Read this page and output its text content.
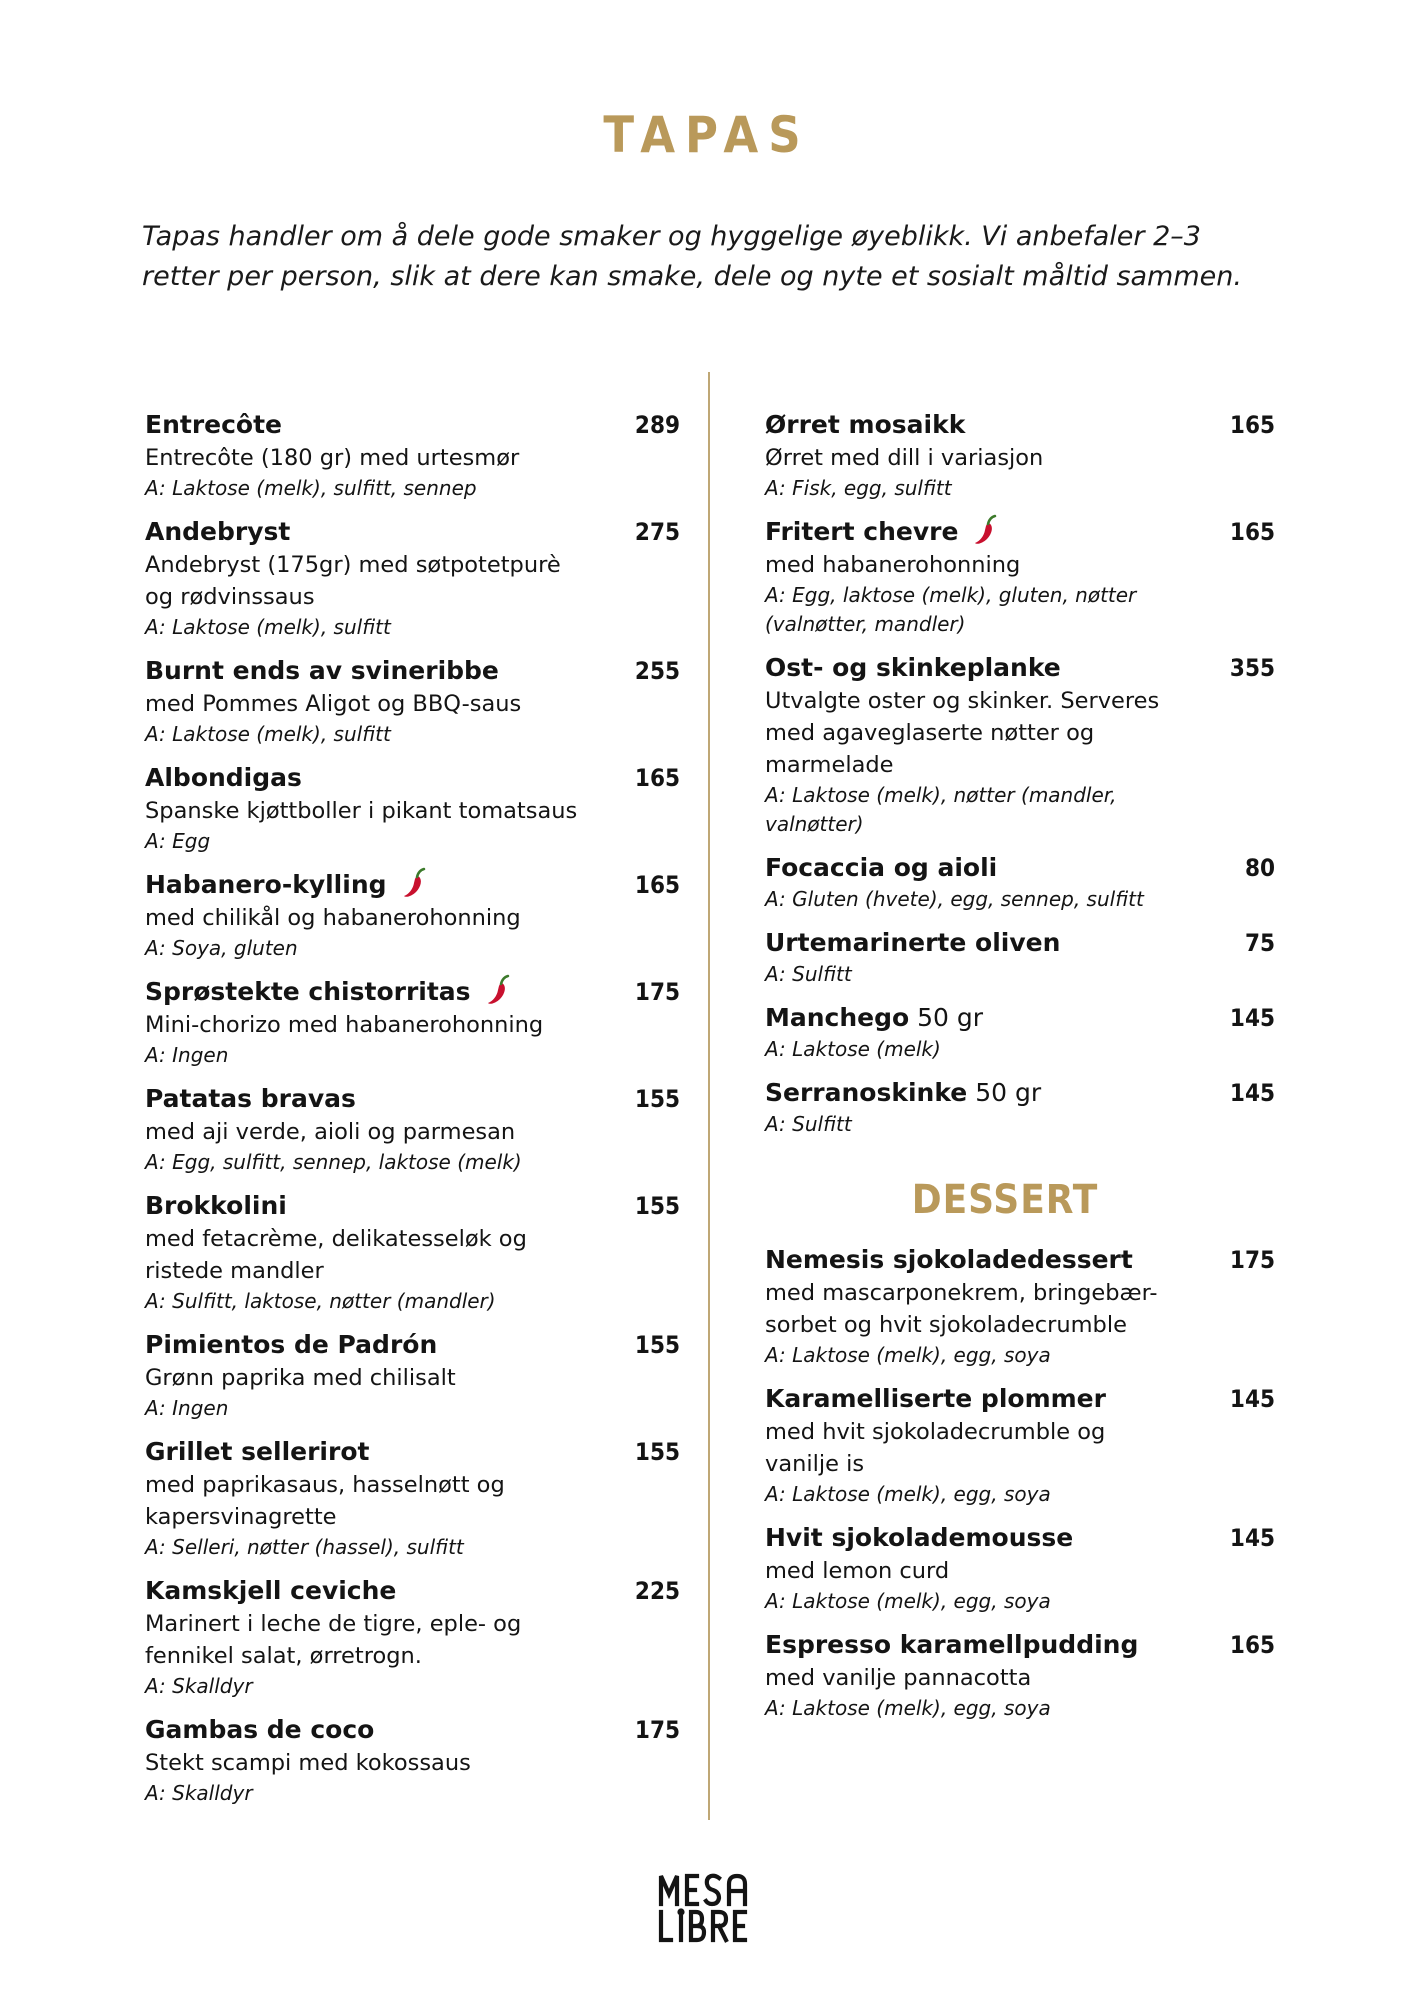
TAPAS

Tapas handler om å dele gode smaker og hyggelige øyeblikk. Vi anbefaler 2–3
retter per person, slik at dere kan smake, dele og nyte et sosialt måltid sammen.

Entrecôte	289
Entrecôte (180 gr) med urtesmør
A: Laktose (melk), sulfitt, sennep
Andebryst	275
Andebryst (175gr) med søtpotetpurè
og rødvinssaus
A: Laktose (melk), sulfitt
Burnt ends av svineribbe	255
med Pommes Aligot og BBQ-saus
A: Laktose (melk), sulfitt
Albondigas	165
Spanske kjøttboller i pikant tomatsaus
A: Egg
Habanero-kylling	165
med chilikål og habanerohonning
A: Soya, gluten
Sprøstekte chistorritas	175
Mini-chorizo med habanerohonning
A: Ingen
Patatas bravas	155
med aji verde, aioli og parmesan
A: Egg, sulfitt, sennep, laktose (melk)
Brokkolini	155
med fetacrème, delikatesseløk og
ristede mandler
A: Sulfitt, laktose, nøtter (mandler)
Pimientos de Padrón	155
Grønn paprika med chilisalt
A: Ingen
Grillet sellerirot	155
med paprikasaus, hasselnøtt og
kapersvinagrette
A: Selleri, nøtter (hassel), sulfitt
Kamskjell ceviche	225
Marinert i leche de tigre, eple- og
fennikel salat, ørretrogn.
A: Skalldyr
Gambas de coco	175
Stekt scampi med kokossaus
A: Skalldyr
Ørret mosaikk	165
Ørret med dill i variasjon
A: Fisk, egg, sulfitt
Fritert chevre	165
med habanerohonning
A: Egg, laktose (melk), gluten, nøtter
(valnøtter, mandler)
Ost- og skinkeplanke	355
Utvalgte oster og skinker. Serveres
med agaveglaserte nøtter og
marmelade
A: Laktose (melk), nøtter (mandler,
valnøtter)
Focaccia og aioli	80
A: Gluten (hvete), egg, sennep, sulfitt
Urtemarinerte oliven	75
A: Sulfitt
Manchego 50 gr	145
A: Laktose (melk)
Serranoskinke 50 gr	145
A: Sulfitt
DESSERT
Nemesis sjokoladedessert	175
med mascarponekrem, bringebær-
sorbet og hvit sjokoladecrumble
A: Laktose (melk), egg, soya
Karamelliserte plommer	145
med hvit sjokoladecrumble og
vanilje is
A: Laktose (melk), egg, soya
Hvit sjokolademousse	145
med lemon curd
A: Laktose (melk), egg, soya
Espresso karamellpudding	165
med vanilje pannacotta
A: Laktose (melk), egg, soya
